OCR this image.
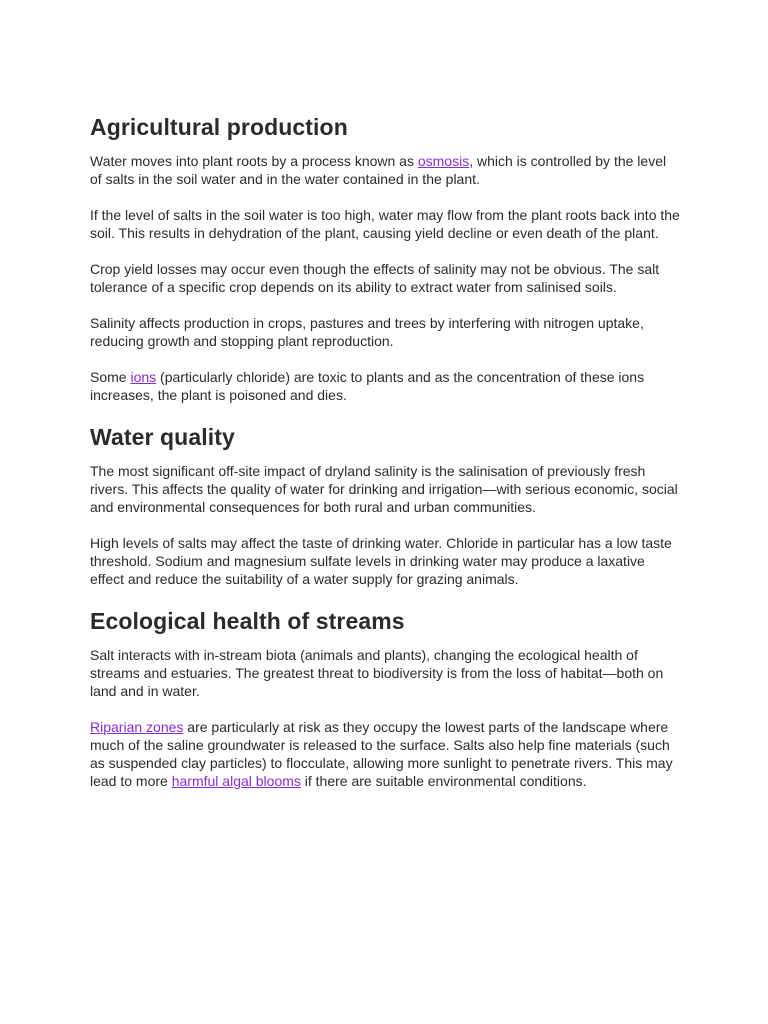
Agricultural production

Water moves into plant roots by a process known as osmosis, which is controlled by the level of salts in the soil water and in the water contained in the plant.

If the level of salts in the soil water is too high, water may flow from the plant roots back into the soil. This results in dehydration of the plant, causing yield decline or even death of the plant.

Crop yield losses may occur even though the effects of salinity may not be obvious. The salt tolerance of a specific crop depends on its ability to extract water from salinised soils.

Salinity affects production in crops, pastures and trees by interfering with nitrogen uptake, reducing growth and stopping plant reproduction.

Some ions (particularly chloride) are toxic to plants and as the concentration of these ions increases, the plant is poisoned and dies.

Water quality

The most significant off-site impact of dryland salinity is the salinisation of previously fresh rivers. This affects the quality of water for drinking and irrigation—with serious economic, social and environmental consequences for both rural and urban communities.

High levels of salts may affect the taste of drinking water. Chloride in particular has a low taste threshold. Sodium and magnesium sulfate levels in drinking water may produce a laxative effect and reduce the suitability of a water supply for grazing animals.

Ecological health of streams

Salt interacts with in-stream biota (animals and plants), changing the ecological health of streams and estuaries. The greatest threat to biodiversity is from the loss of habitat—both on land and in water.

Riparian zones are particularly at risk as they occupy the lowest parts of the landscape where much of the saline groundwater is released to the surface. Salts also help fine materials (such as suspended clay particles) to flocculate, allowing more sunlight to penetrate rivers. This may lead to more harmful algal blooms if there are suitable environmental conditions.
